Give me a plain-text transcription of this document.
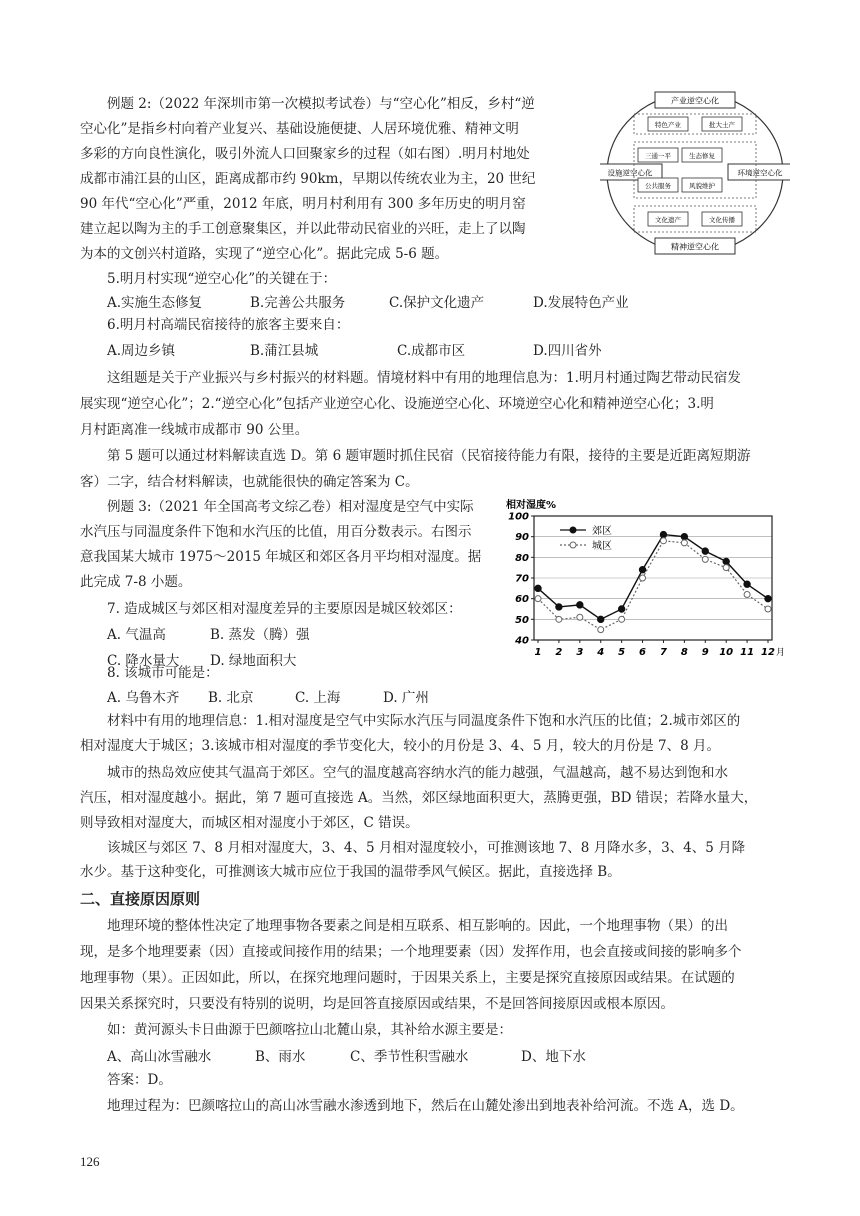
例题 2:（2022 年深圳市第一次模拟考试卷）与“空心化”相反，乡村“逆

空心化”是指乡村向着产业复兴、基础设施便捷、人居环境优雅、精神文明

多彩的方向良性演化，吸引外流人口回聚家乡的过程（如右图）.明月村地处

成都市浦江县的山区，距离成都市约 90km，早期以传统农业为主，20 世纪

90 年代“空心化”严重，2012 年底，明月村利用有 300 多年历史的明月窑

建立起以陶为主的手工创意聚集区，并以此带动民宿业的兴旺，走上了以陶

为本的文创兴村道路，实现了“逆空心化”。据此完成 5-6 题。

5.明月村实现“逆空心化”的关键在于：

A.实施生态修复	B.完善公共服务	C.保护文化遗产	D.发展特色产业

6.明月村高端民宿接待的旅客主要来自：

A.周边乡镇	B.蒲江县城	C.成都市区	D.四川省外
产业逆空心化
精神逆空心化
设施逆空心化	环境逆空心化
特色产业	批大土产
三通一平	生态修复
公共服务	风貌维护
文化遗产	文化传播

这组题是关于产业振兴与乡村振兴的材料题。情境材料中有用的地理信息为：1.明月村通过陶艺带动民宿发

展实现“逆空心化”；2.“逆空心化”包括产业逆空心化、设施逆空心化、环境逆空心化和精神逆空心化；3.明

月村距离准一线城市成都市 90 公里。

第 5 题可以通过材料解读直选 D。第 6 题审题时抓住民宿（民宿接待能力有限，接待的主要是近距离短期游

客）二字，结合材料解读，也就能很快的确定答案为 C。

例题 3:（2021 年全国高考文综乙卷）相对湿度是空气中实际

水汽压与同温度条件下饱和水汽压的比值，用百分数表示。右图示

意我国某大城市 1975～2015 年城区和郊区各月平均相对湿度。据

此完成 7-8 小题。

7. 造成城区与郊区相对湿度差异的主要原因是城区较郊区：

A. 气温高	B. 蒸发（腾）强
C. 降水量大 D. 绿地面积大

8. 该城市可能是：

A. 乌鲁木齐 B. 北京	C. 上海	D. 广州
相对湿度%
40
50
60
70
80
90
100
1 2 3 4 5 6 7 8 9 10 11 12 月
郊区
城区

材料中有用的地理信息：1.相对湿度是空气中实际水汽压与同温度条件下饱和水汽压的比值；2.城市郊区的

相对湿度大于城区；3.该城市相对湿度的季节变化大，较小的月份是 3、4、5 月，较大的月份是 7、8 月。

城市的热岛效应使其气温高于郊区。空气的温度越高容纳水汽的能力越强，气温越高，越不易达到饱和水

汽压，相对湿度越小。据此，第 7 题可直接选 A。当然，郊区绿地面积更大，蒸腾更强，BD 错误；若降水量大，

则导致相对湿度大，而城区相对湿度小于郊区，C 错误。

该城区与郊区 7、8 月相对湿度大，3、4、5 月相对湿度较小，可推测该地 7、8 月降水多，3、4、5 月降

水少。基于这种变化，可推测该大城市应位于我国的温带季风气候区。据此，直接选择 B。

二、直接原因原则

地理环境的整体性决定了地理事物各要素之间是相互联系、相互影响的。因此，一个地理事物（果）的出

现，是多个地理要素（因）直接或间接作用的结果；一个地理要素（因）发挥作用，也会直接或间接的影响多个

地理事物（果）。正因如此，所以，在探究地理问题时，于因果关系上，主要是探究直接原因或结果。在试题的

因果关系探究时，只要没有特别的说明，均是回答直接原因或结果，不是回答间接原因或根本原因。

如：黄河源头卡日曲源于巴颜喀拉山北麓山泉，其补给水源主要是：

A、高山冰雪融水	B、雨水	C、季节性积雪融水	D、地下水

答案：D。

地理过程为：巴颜喀拉山的高山冰雪融水渗透到地下，然后在山麓处渗出到地表补给河流。不选 A，选 D。

126
